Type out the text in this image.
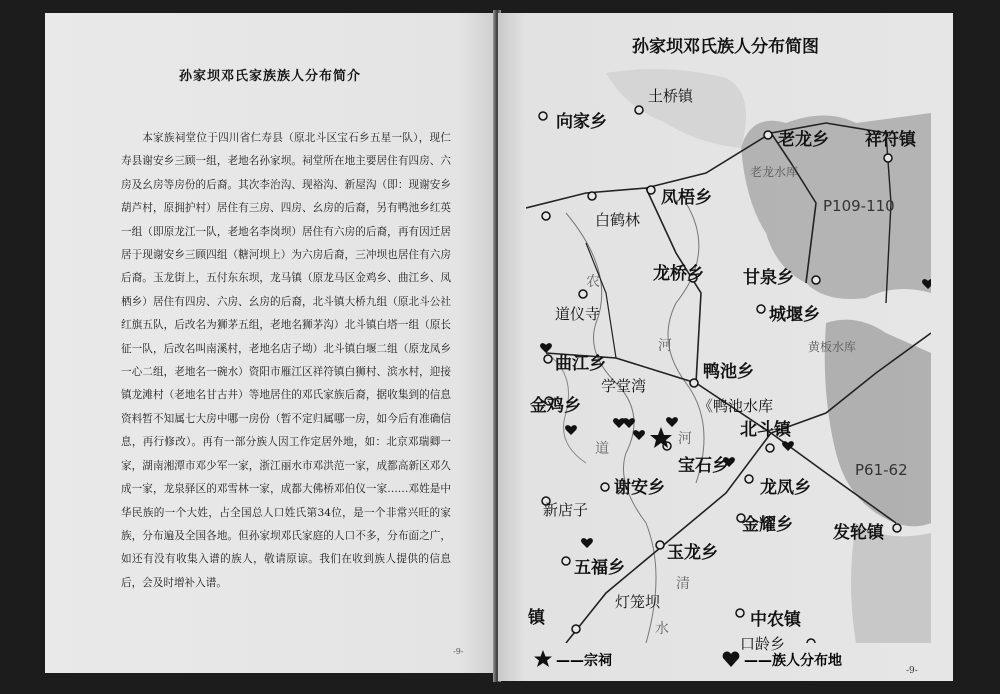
孙家坝邓氏家族族人分布简介

本家族祠堂位于四川省仁寿县（原北斗区宝石乡五星一队），现仁寿县谢安乡三顾一组，老地名孙家坝。祠堂所在地主要居住有四房、六房及幺房等房份的后裔。其次李治沟、现裕沟、新屋沟（即：现谢安乡葫芦村，原拥护村）居住有三房、四房、幺房的后裔，另有鸭池乡红英一组（即原龙江一队，老地名李岗坝）居住有六房的后裔，再有因迁居居于现谢安乡三顾四组（糖河坝上）为六房后裔，三冲坝也居住有六房后裔。玉龙街上，五付东东坝，龙马镇（原龙马区金鸡乡、曲江乡、凤栖乡）居住有四房、六房、幺房的后裔，北斗镇大桥九组（原北斗公社红旗五队，后改名为狮茅五组，老地名狮茅沟）北斗镇白塔一组（原长征一队，后改名叫南溪村，老地名店子坳）北斗镇白堰二组（原龙凤乡一心二组，老地名一碗水）资阳市雁江区祥符镇白狮村、滨水村，迎接镇龙滩村（老地名甘古井）等地居住的邓氏家族后裔，据收集到的信息资料暂不知属七大房中哪一房份（暂不定归属哪一房，如今后有准确信息，再行修改）。再有一部分族人因工作定居外地，如：北京邓瑞卿一家，湖南湘潭市邓少军一家，浙江丽水市邓洪范一家，成都高新区邓久成一家，龙泉驿区的邓雪林一家，成都大佛桥邓伯仪一家……邓姓是中华民族的一个大姓，占全国总人口姓氏第34位，是一个非常兴旺的家族，分布遍及全国各地。但孙家坝邓氏家庭的人口不多，分布面之广，如还有没有收集入谱的族人，敬请原谅。我们在收到族人提供的信息后，会及时增补入谱。

-9-
孙家坝邓氏族人分布简图
向家乡
土桥镇
老龙乡 祥符镇
凤梧乡
白鹤林
老龙水库
P109-110
龙桥乡 甘泉乡
城堰乡
道仪寺
黄板水库
曲江乡	鸭池乡
金鸡乡
学堂湾
《鸭池水库
北斗镇
宝石乡	P61-62
谢安乡	龙凤乡
新店子
金耀乡 发轮镇
玉龙乡
五福乡
灯笼坝
中农镇
镇
口龄乡
农
河
河
道
清
水
——宗祠	——族人分布地
-9-
